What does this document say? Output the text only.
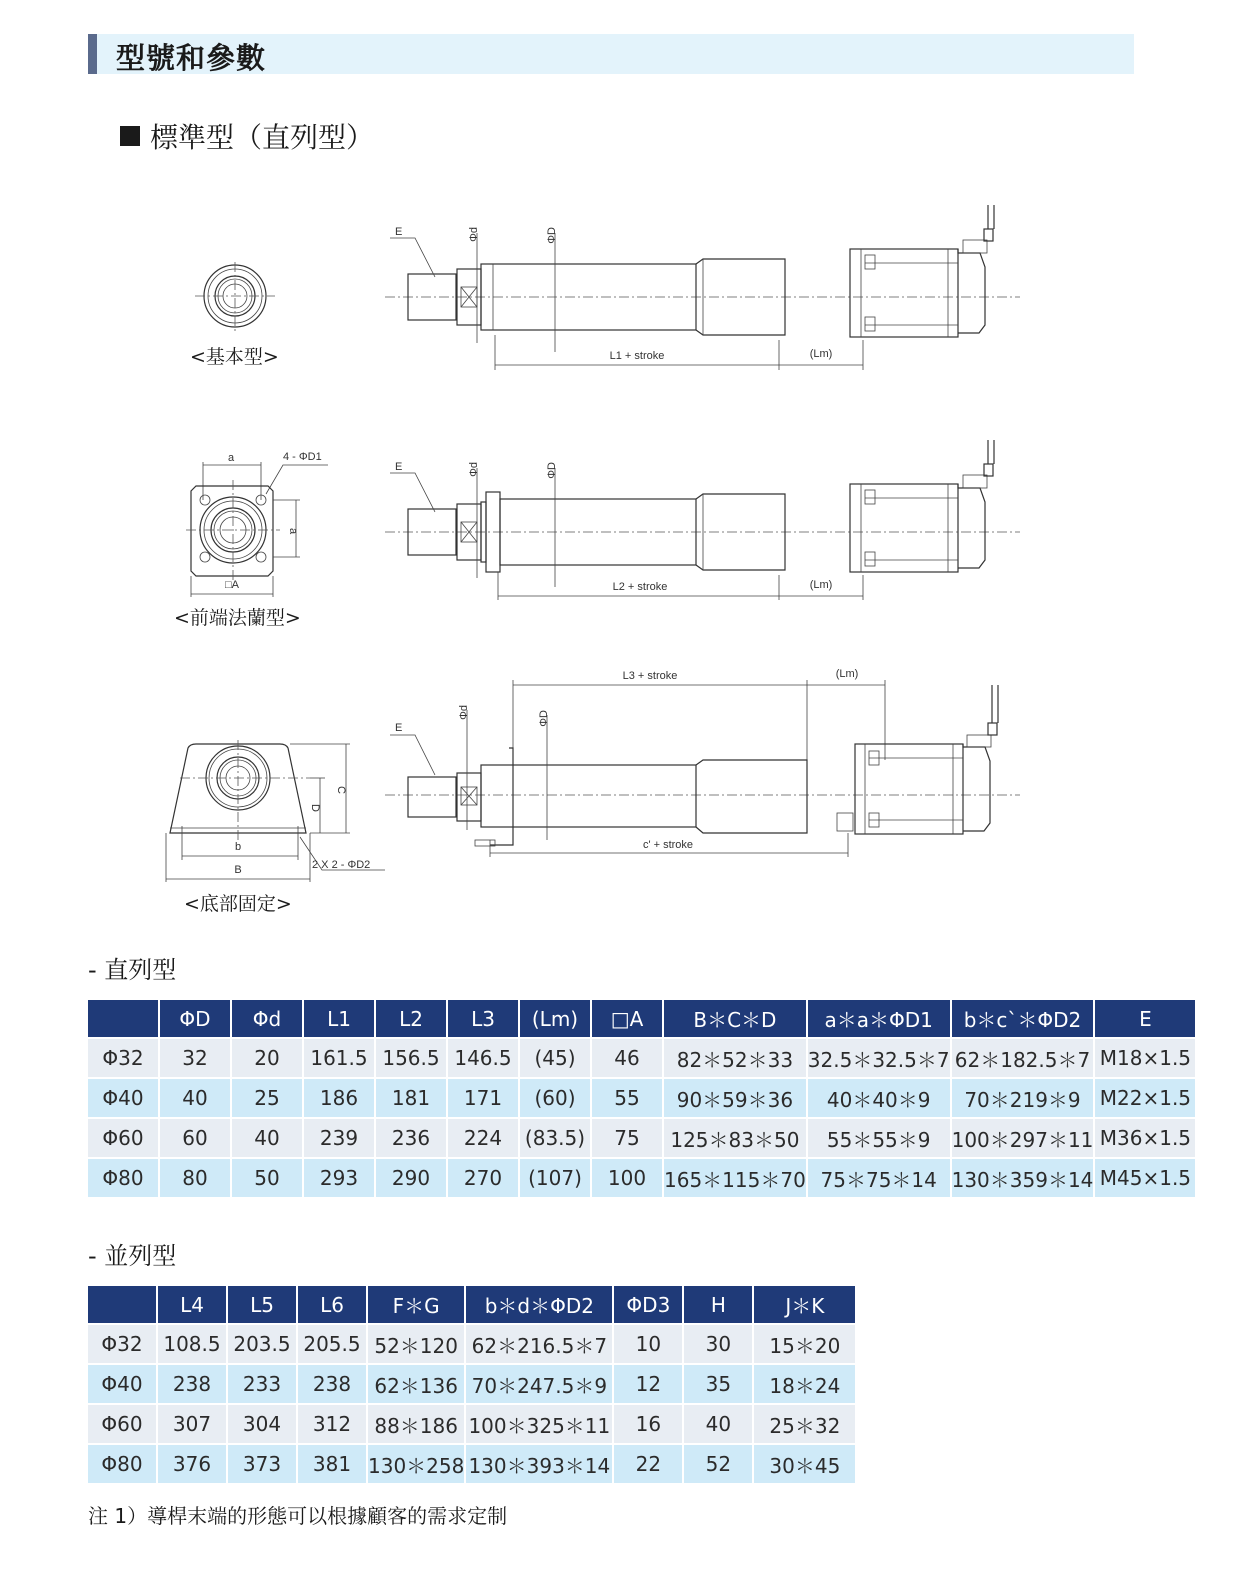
型號和參數
標準型（直列型）
<基本型>
E	Φd	ΦD
L1 + stroke	(Lm)
a	4 - ΦD1
a
□A
<前端法蘭型>
E	Φd	ΦD
L2 + stroke	(Lm)
C
D
b
B	2 X 2 - ΦD2
<底部固定>
L3 + stroke	(Lm)
E
Φd	ΦD
c' + stroke
- 直列型
	ΦD	Φd	L1	L2	L3	(Lm)	□A	B＊C＊D	a＊a＊ΦD1	b＊c`＊ΦD2	E
Φ32	32	20	161.5	156.5	146.5	(45)	46	82＊52＊33	32.5＊32.5＊7	62＊182.5＊7	M18×1.5
Φ40	40	25	186	181	171	(60)	55	90＊59＊36	40＊40＊9	70＊219＊9	M22×1.5
Φ60	60	40	239	236	224	(83.5)	75	125＊83＊50	55＊55＊9	100＊297＊11	M36×1.5
Φ80	80	50	293	290	270	(107)	100	165＊115＊70	75＊75＊14	130＊359＊14	M45×1.5
- 並列型
	L4	L5	L6	F＊G	b＊d＊ΦD2	ΦD3	H	J＊K
Φ32	108.5	203.5	205.5	52＊120	62＊216.5＊7	10	30	15＊20
Φ40	238	233	238	62＊136	70＊247.5＊9	12	35	18＊24
Φ60	307	304	312	88＊186	100＊325＊11	16	40	25＊32
Φ80	376	373	381	130＊258	130＊393＊14	22	52	30＊45
注 1）導桿末端的形態可以根據顧客的需求定制
